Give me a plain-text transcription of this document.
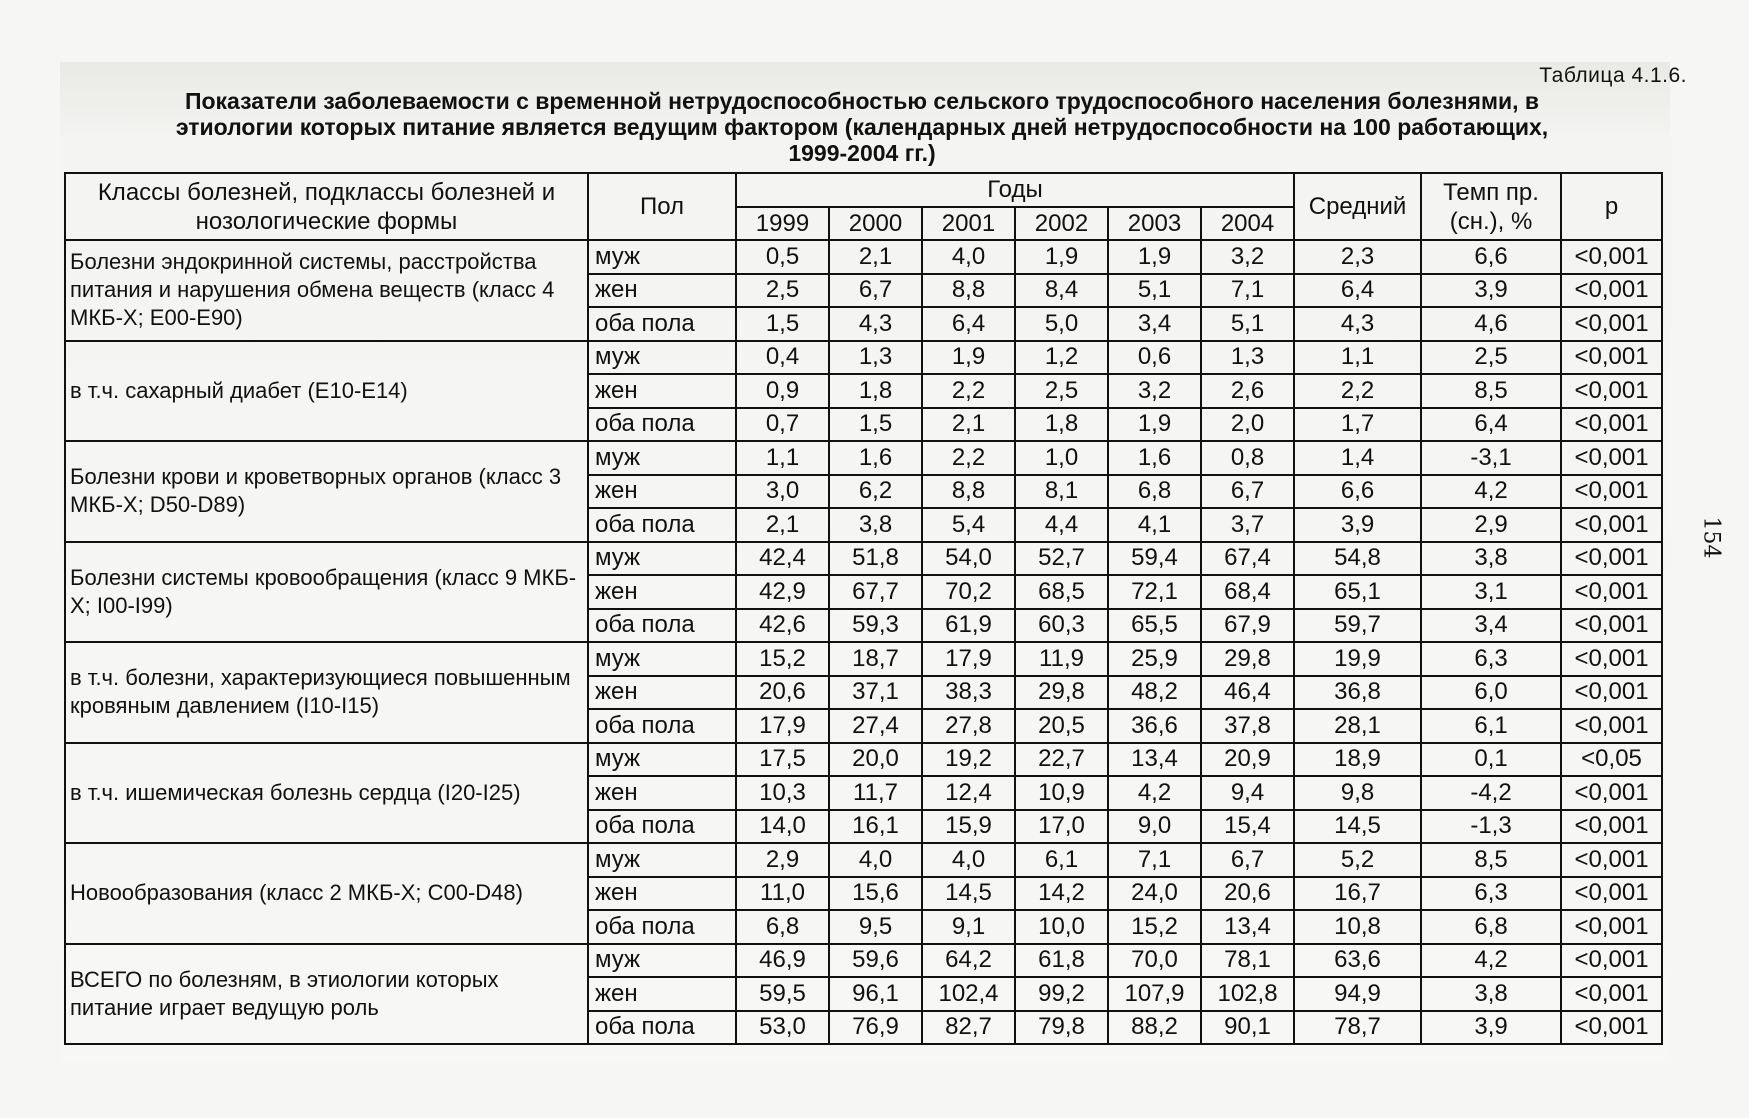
Таблица 4.1.6.
Показатели заболеваемости с временной нетрудоспособностью сельского трудоспособного населения болезнями, в
этиологии которых питание является ведущим фактором (календарных дней нетрудоспособности на 100 работающих,
1999-2004 гг.)
154
Классы болезней, подклассы болезней и нозологические формы	Пол	Годы						Средний	Темп пр. (сн.), %	p
		1999	2000	2001	2002	2003	2004			
Болезни эндокринной системы, расстройства питания и нарушения обмена веществ (класс 4 МКБ-X; E00-E90)	муж	0,5	2,1	4,0	1,9	1,9	3,2	2,3	6,6	<0,001
	жен	2,5	6,7	8,8	8,4	5,1	7,1	6,4	3,9	<0,001
	оба пола	1,5	4,3	6,4	5,0	3,4	5,1	4,3	4,6	<0,001
в т.ч. сахарный диабет (E10-E14)	муж	0,4	1,3	1,9	1,2	0,6	1,3	1,1	2,5	<0,001
	жен	0,9	1,8	2,2	2,5	3,2	2,6	2,2	8,5	<0,001
	оба пола	0,7	1,5	2,1	1,8	1,9	2,0	1,7	6,4	<0,001
Болезни крови и кроветворных органов (класс 3 МКБ-X; D50-D89)	муж	1,1	1,6	2,2	1,0	1,6	0,8	1,4	-3,1	<0,001
	жен	3,0	6,2	8,8	8,1	6,8	6,7	6,6	4,2	<0,001
	оба пола	2,1	3,8	5,4	4,4	4,1	3,7	3,9	2,9	<0,001
Болезни системы кровообращения (класс 9 МКБ-X; I00-I99)	муж	42,4	51,8	54,0	52,7	59,4	67,4	54,8	3,8	<0,001
	жен	42,9	67,7	70,2	68,5	72,1	68,4	65,1	3,1	<0,001
	оба пола	42,6	59,3	61,9	60,3	65,5	67,9	59,7	3,4	<0,001
в т.ч. болезни, характеризующиеся повышенным кровяным давлением (I10-I15)	муж	15,2	18,7	17,9	11,9	25,9	29,8	19,9	6,3	<0,001
	жен	20,6	37,1	38,3	29,8	48,2	46,4	36,8	6,0	<0,001
	оба пола	17,9	27,4	27,8	20,5	36,6	37,8	28,1	6,1	<0,001
в т.ч. ишемическая болезнь сердца (I20-I25)	муж	17,5	20,0	19,2	22,7	13,4	20,9	18,9	0,1	<0,05
	жен	10,3	11,7	12,4	10,9	4,2	9,4	9,8	-4,2	<0,001
	оба пола	14,0	16,1	15,9	17,0	9,0	15,4	14,5	-1,3	<0,001
Новообразования (класс 2 МКБ-X; C00-D48)	муж	2,9	4,0	4,0	6,1	7,1	6,7	5,2	8,5	<0,001
	жен	11,0	15,6	14,5	14,2	24,0	20,6	16,7	6,3	<0,001
	оба пола	6,8	9,5	9,1	10,0	15,2	13,4	10,8	6,8	<0,001
ВСЕГО по болезням, в этиологии которых питание играет ведущую роль	муж	46,9	59,6	64,2	61,8	70,0	78,1	63,6	4,2	<0,001
	жен	59,5	96,1	102,4	99,2	107,9	102,8	94,9	3,8	<0,001
	оба пола	53,0	76,9	82,7	79,8	88,2	90,1	78,7	3,9	<0,001
